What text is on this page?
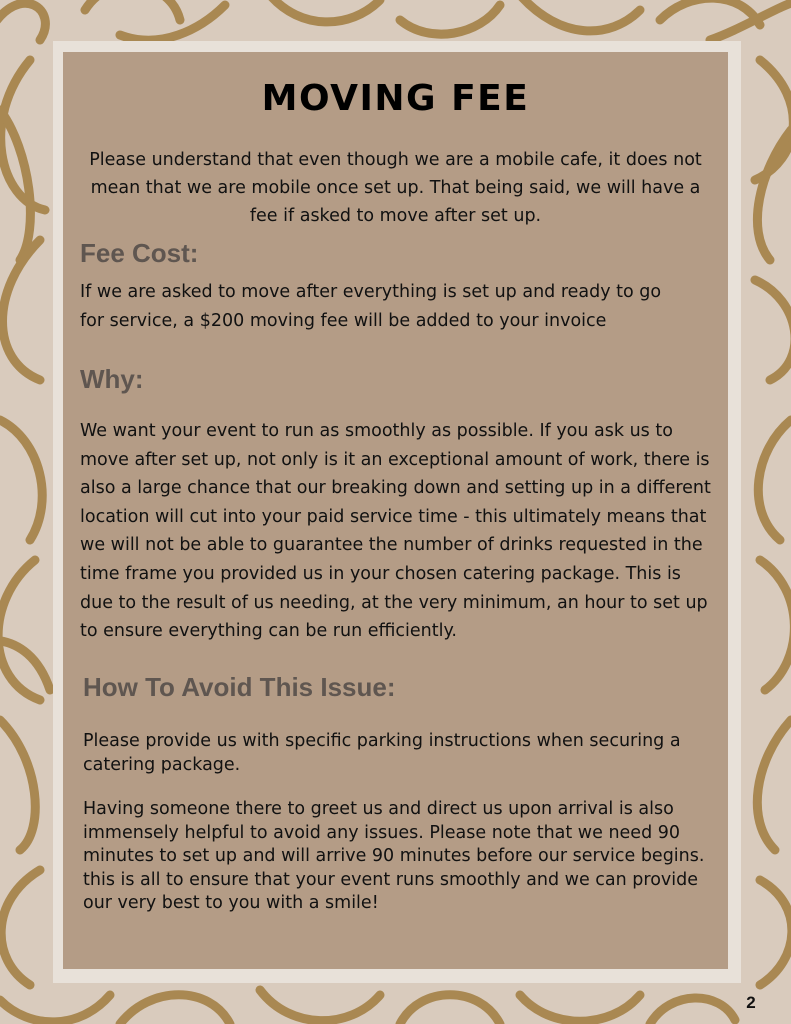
MOVING FEE

Please understand that even though we are a mobile cafe, it does not mean that we are mobile once set up. That being said, we will have a fee if asked to move after set up.

Fee Cost:

If we are asked to move after everything is set up and ready to go for service, a $200 moving fee will be added to your invoice

Why:

We want your event to run as smoothly as possible. If you ask us to move after set up, not only is it an exceptional amount of work, there is also a large chance that our breaking down and setting up in a different location will cut into your paid service time - this ultimately means that we will not be able to guarantee the number of drinks requested in the time frame you provided us in your chosen catering package. This is due to the result of us needing, at the very minimum, an hour to set up to ensure everything can be run efficiently.

How To Avoid This Issue:

Please provide us with specific parking instructions when securing a catering package.

Having someone there to greet us and direct us upon arrival is also immensely helpful to avoid any issues. Please note that we need 90 minutes to set up and will arrive 90 minutes before our service begins. this is all to ensure that your event runs smoothly and we can provide our very best to you with a smile!

2
